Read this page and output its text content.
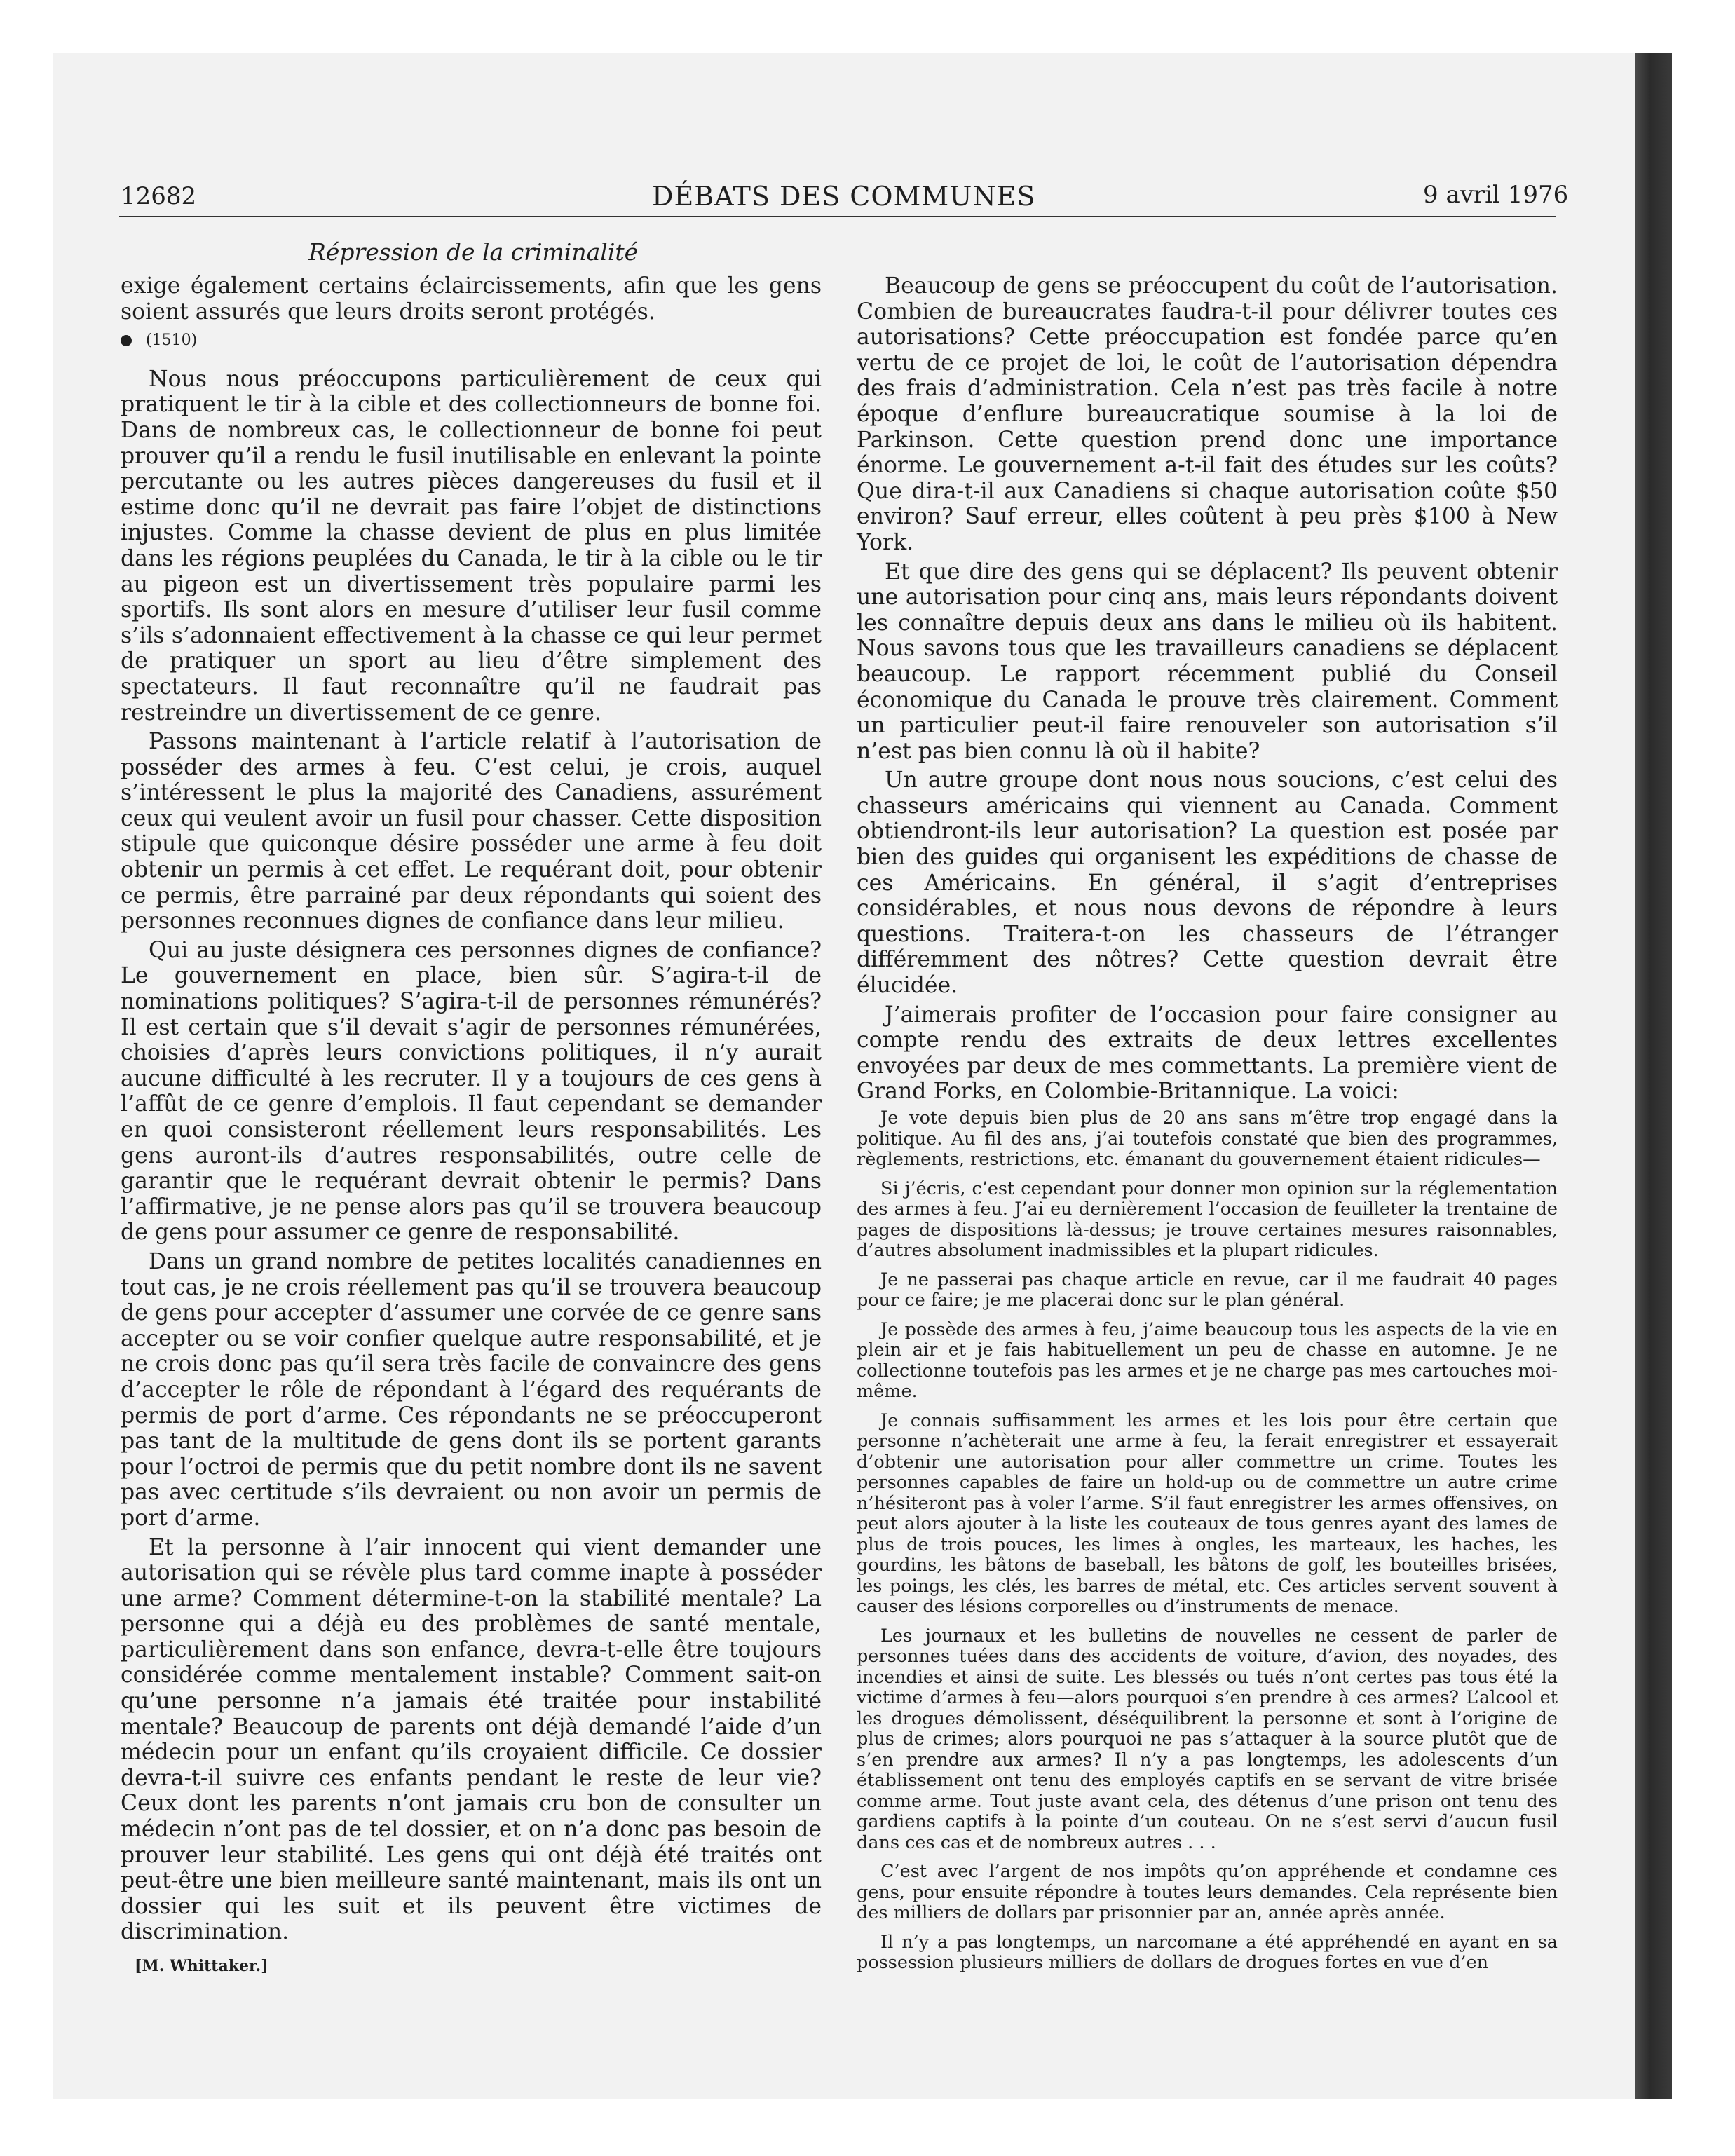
12682	DÉBATS DES COMMUNES	9 avril 1976
Répression de la criminalité

exige également certains éclaircissements, afin que les gens soient assurés que leurs droits seront protégés.

(1510)

Nous nous préoccupons particulièrement de ceux qui pratiquent le tir à la cible et des collectionneurs de bonne foi. Dans de nombreux cas, le collectionneur de bonne foi peut prouver qu’il a rendu le fusil inutilisable en enlevant la pointe percutante ou les autres pièces dangereuses du fusil et il estime donc qu’il ne devrait pas faire l’objet de distinctions injustes. Comme la chasse devient de plus en plus limitée dans les régions peuplées du Canada, le tir à la cible ou le tir au pigeon est un divertissement très populaire parmi les sportifs. Ils sont alors en mesure d’utiliser leur fusil comme s’ils s’adonnaient effectivement à la chasse ce qui leur permet de pratiquer un sport au lieu d’être simplement des spectateurs. Il faut reconnaître qu’il ne faudrait pas restreindre un divertissement de ce genre.

Passons maintenant à l’article relatif à l’autorisation de posséder des armes à feu. C’est celui, je crois, auquel s’intéressent le plus la majorité des Canadiens, assurément ceux qui veulent avoir un fusil pour chasser. Cette disposition stipule que quiconque désire posséder une arme à feu doit obtenir un permis à cet effet. Le requérant doit, pour obtenir ce permis, être parrainé par deux répondants qui soient des personnes reconnues dignes de confiance dans leur milieu.

Qui au juste désignera ces personnes dignes de confiance? Le gouvernement en place, bien sûr. S’agira-t-il de nominations politiques? S’agira-t-il de personnes rémunérés? Il est certain que s’il devait s’agir de personnes rémunérées, choisies d’après leurs convictions politiques, il n’y aurait aucune difficulté à les recruter. Il y a toujours de ces gens à l’affût de ce genre d’emplois. Il faut cependant se demander en quoi consisteront réellement leurs responsabilités. Les gens auront-ils d’autres responsabilités, outre celle de garantir que le requérant devrait obtenir le permis? Dans l’affirmative, je ne pense alors pas qu’il se trouvera beaucoup de gens pour assumer ce genre de responsabilité.

Dans un grand nombre de petites localités canadiennes en tout cas, je ne crois réellement pas qu’il se trouvera beaucoup de gens pour accepter d’assumer une corvée de ce genre sans accepter ou se voir confier quelque autre responsabilité, et je ne crois donc pas qu’il sera très facile de convaincre des gens d’accepter le rôle de répondant à l’égard des requérants de permis de port d’arme. Ces répondants ne se préoccuperont pas tant de la multitude de gens dont ils se portent garants pour l’octroi de permis que du petit nombre dont ils ne savent pas avec certitude s’ils devraient ou non avoir un permis de port d’arme.

Et la personne à l’air innocent qui vient demander une autorisation qui se révèle plus tard comme inapte à posséder une arme? Comment détermine-t-on la stabilité mentale? La personne qui a déjà eu des problèmes de santé mentale, particulièrement dans son enfance, devra-t-elle être toujours considérée comme mentalement instable? Comment sait-on qu’une personne n’a jamais été traitée pour instabilité mentale? Beaucoup de parents ont déjà demandé l’aide d’un médecin pour un enfant qu’ils croyaient difficile. Ce dossier devra-t-il suivre ces enfants pendant le reste de leur vie? Ceux dont les parents n’ont jamais cru bon de consulter un médecin n’ont pas de tel dossier, et on n’a donc pas besoin de prouver leur stabilité. Les gens qui ont déjà été traités ont peut-être une bien meilleure santé maintenant, mais ils ont un dossier qui les suit et ils peuvent être victimes de discrimination.

[M. Whittaker.]

Beaucoup de gens se préoccupent du coût de l’autorisation. Combien de bureaucrates faudra-t-il pour délivrer toutes ces autorisations? Cette préoccupation est fondée parce qu’en vertu de ce projet de loi, le coût de l’autorisation dépendra des frais d’administration. Cela n’est pas très facile à notre époque d’enflure bureaucratique soumise à la loi de Parkinson. Cette question prend donc une importance énorme. Le gouvernement a-t-il fait des études sur les coûts? Que dira-t-il aux Canadiens si chaque autorisation coûte $50 environ? Sauf erreur, elles coûtent à peu près $100 à New York.

Et que dire des gens qui se déplacent? Ils peuvent obtenir une autorisation pour cinq ans, mais leurs répondants doivent les connaître depuis deux ans dans le milieu où ils habitent. Nous savons tous que les travailleurs canadiens se déplacent beaucoup. Le rapport récemment publié du Conseil économique du Canada le prouve très clairement. Comment un particulier peut-il faire renouveler son autorisation s’il n’est pas bien connu là où il habite?

Un autre groupe dont nous nous soucions, c’est celui des chasseurs américains qui viennent au Canada. Comment obtiendront-ils leur autorisation? La question est posée par bien des guides qui organisent les expéditions de chasse de ces Américains. En général, il s’agit d’entreprises considérables, et nous nous devons de répondre à leurs questions. Traitera-t-on les chasseurs de l’étranger différemment des nôtres? Cette question devrait être élucidée.

J’aimerais profiter de l’occasion pour faire consigner au compte rendu des extraits de deux lettres excellentes envoyées par deux de mes commettants. La première vient de Grand Forks, en Colombie-Britannique. La voici:

Je vote depuis bien plus de 20 ans sans m’être trop engagé dans la politique. Au fil des ans, j’ai toutefois constaté que bien des programmes, règlements, restrictions, etc. émanant du gouvernement étaient ridicules—

Si j’écris, c’est cependant pour donner mon opinion sur la réglementation des armes à feu. J’ai eu dernièrement l’occasion de feuilleter la trentaine de pages de dispositions là-dessus; je trouve certaines mesures raisonnables, d’autres absolument inadmissibles et la plupart ridicules.

Je ne passerai pas chaque article en revue, car il me faudrait 40 pages pour ce faire; je me placerai donc sur le plan général.

Je possède des armes à feu, j’aime beaucoup tous les aspects de la vie en plein air et je fais habituellement un peu de chasse en automne. Je ne collectionne toutefois pas les armes et je ne charge pas mes cartouches moi-même.

Je connais suffisamment les armes et les lois pour être certain que personne n’achèterait une arme à feu, la ferait enregistrer et essayerait d’obtenir une autorisation pour aller commettre un crime. Toutes les personnes capables de faire un hold-up ou de commettre un autre crime n’hésiteront pas à voler l’arme. S’il faut enregistrer les armes offensives, on peut alors ajouter à la liste les couteaux de tous genres ayant des lames de plus de trois pouces, les limes à ongles, les marteaux, les haches, les gourdins, les bâtons de baseball, les bâtons de golf, les bouteilles brisées, les poings, les clés, les barres de métal, etc. Ces articles servent souvent à causer des lésions corporelles ou d’instruments de menace.

Les journaux et les bulletins de nouvelles ne cessent de parler de personnes tuées dans des accidents de voiture, d’avion, des noyades, des incendies et ainsi de suite. Les blessés ou tués n’ont certes pas tous été la victime d’armes à feu—alors pourquoi s’en prendre à ces armes? L’alcool et les drogues démolissent, déséquilibrent la personne et sont à l’origine de plus de crimes; alors pourquoi ne pas s’attaquer à la source plutôt que de s’en prendre aux armes? Il n’y a pas longtemps, les adolescents d’un établissement ont tenu des employés captifs en se servant de vitre brisée comme arme. Tout juste avant cela, des détenus d’une prison ont tenu des gardiens captifs à la pointe d’un couteau. On ne s’est servi d’aucun fusil dans ces cas et de nombreux autres . . .

C’est avec l’argent de nos impôts qu’on appréhende et condamne ces gens, pour ensuite répondre à toutes leurs demandes. Cela représente bien des milliers de dollars par prisonnier par an, année après année.

Il n’y a pas longtemps, un narcomane a été appréhendé en ayant en sa possession plusieurs milliers de dollars de drogues fortes en vue d’en
